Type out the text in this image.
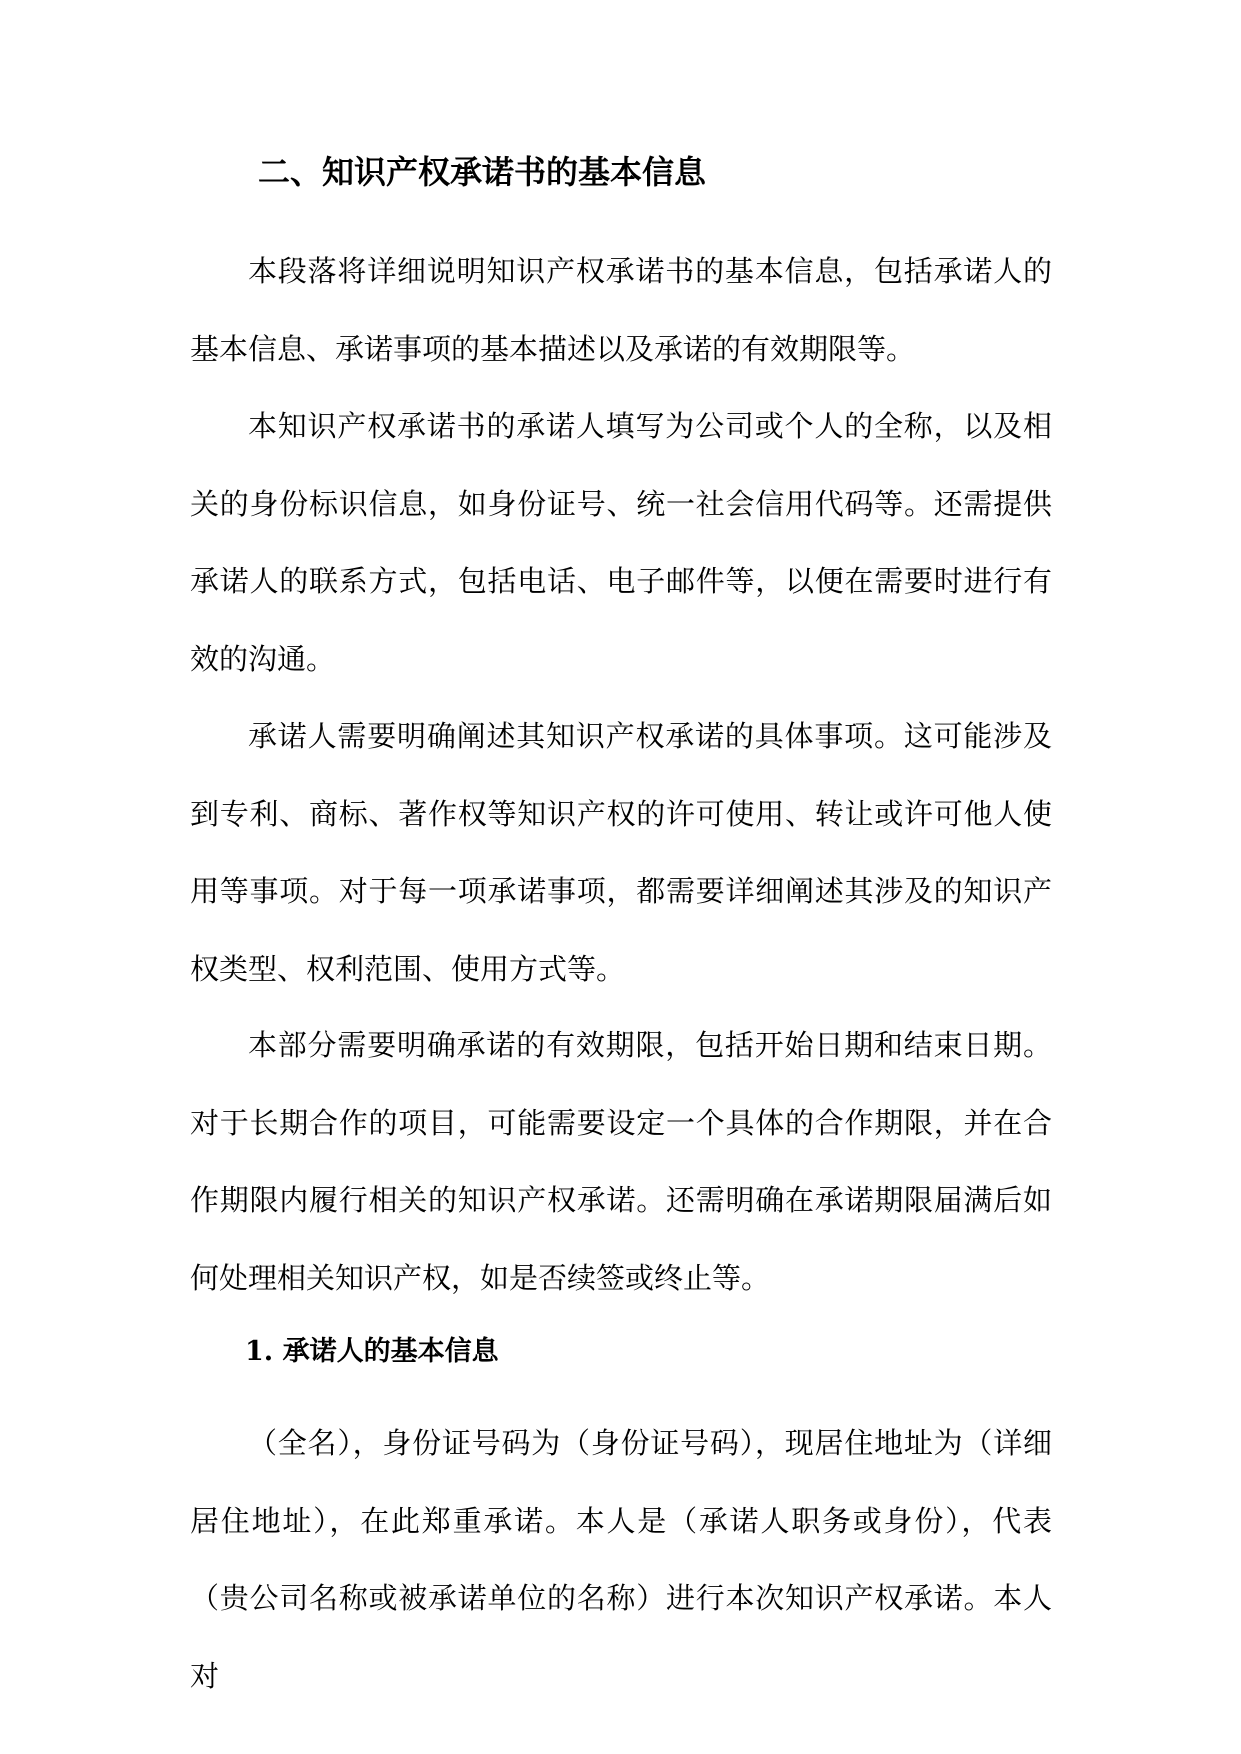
二、知识产权承诺书的基本信息

本段落将详细说明知识产权承诺书的基本信息，包括承诺人的基本信息、承诺事项的基本描述以及承诺的有效期限等。

本知识产权承诺书的承诺人填写为公司或个人的全称，以及相关的身份标识信息，如身份证号、统一社会信用代码等。还需提供承诺人的联系方式，包括电话、电子邮件等，以便在需要时进行有效的沟通。

承诺人需要明确阐述其知识产权承诺的具体事项。这可能涉及到专利、商标、著作权等知识产权的许可使用、转让或许可他人使用等事项。对于每一项承诺事项，都需要详细阐述其涉及的知识产权类型、权利范围、使用方式等。

本部分需要明确承诺的有效期限，包括开始日期和结束日期。对于长期合作的项目，可能需要设定一个具体的合作期限，并在合作期限内履行相关的知识产权承诺。还需明确在承诺期限届满后如何处理相关知识产权，如是否续签或终止等。

1. 承诺人的基本信息

（全名），身份证号码为（身份证号码），现居住地址为（详细居住地址），在此郑重承诺。本人是（承诺人职务或身份），代表（贵公司名称或被承诺单位的名称）进行本次知识产权承诺。本人对
